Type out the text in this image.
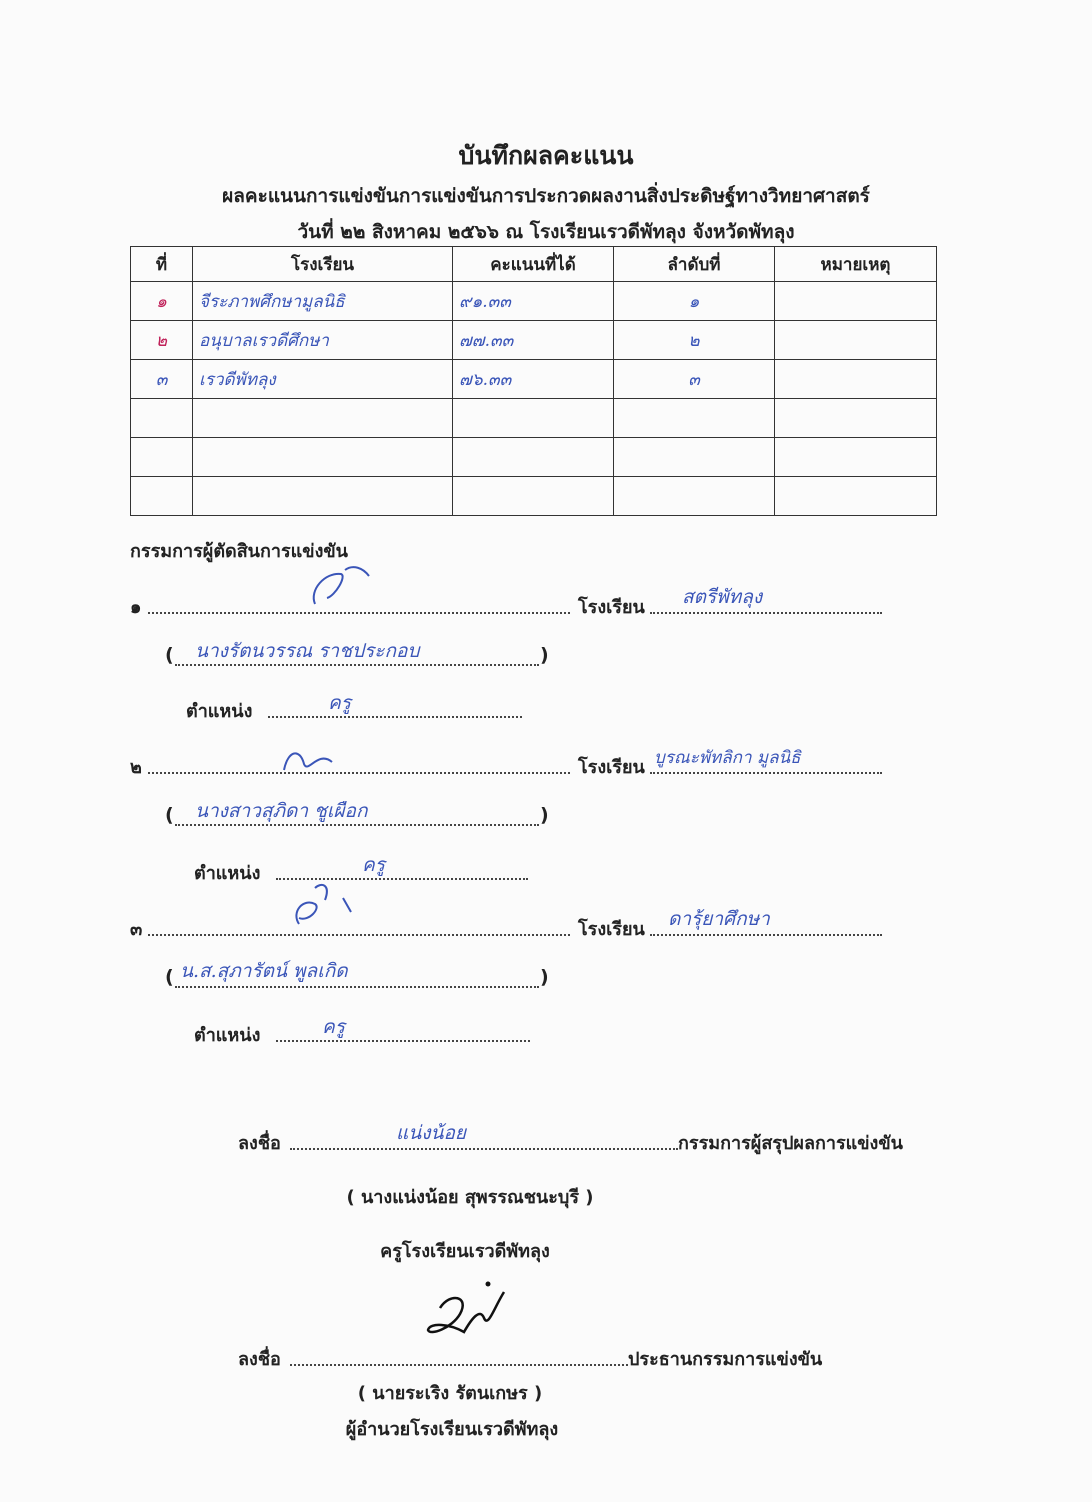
บันทึกผลคะแนน
ผลคะแนนการแข่งขันการแข่งขันการประกวดผลงานสิ่งประดิษฐ์ทางวิทยาศาสตร์
วันที่ ๒๒ สิงหาคม ๒๕๖๖ ณ โรงเรียนเรวดีพัทลุง จังหวัดพัทลุง
ที่	โรงเรียน	คะแนนที่ได้	ลำดับที่	หมายเหตุ
๑	จีระภาพศึกษามูลนิธิ	๙๑.๓๓	๑	
๒	อนุบาลเรวดีศึกษา	๗๗.๓๓	๒	
๓	เรวดีพัทลุง	๗๖.๓๓	๓	

กรรมการผู้ตัดสินการแข่งขัน
๑	โรงเรียน สตรีพัทลุง
( นางรัตนวรรณ ราชประกอบ	)
ตำแหน่ง	ครู
๒	โรงเรียน บูรณะพัทลิกา มูลนิธิ
( นางสาวสุภิดา ชูเผือก	)
ตำแหน่ง	ครู
๓	โรงเรียน ดารุ้ยาศึกษา
( น.ส.สุภารัตน์ พูลเกิด	)
ตำแหน่ง	ครู
ลงชื่อ	แน่งน้อย	กรรมการผู้สรุปผลการแข่งขัน
( นางแน่งน้อย สุพรรณชนะบุรี )
ครูโรงเรียนเรวดีพัทลุง
ลงชื่อ	ประธานกรรมการแข่งขัน
( นายระเริง รัตนเกษร )
ผู้อำนวยโรงเรียนเรวดีพัทลุง
